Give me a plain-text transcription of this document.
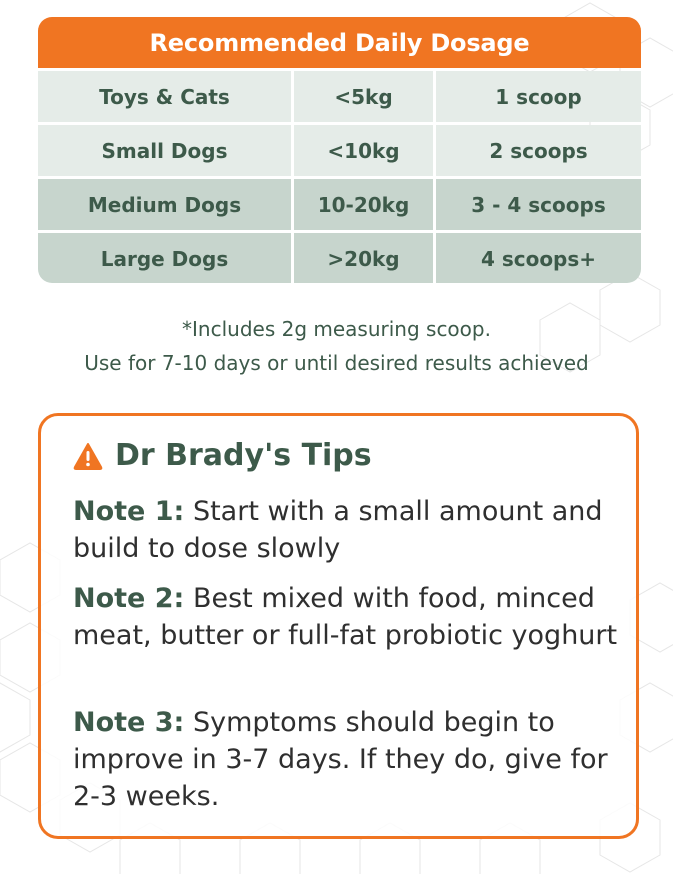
Recommended Daily Dosage
Toys & Cats	<5kg	1 scoop
Small Dogs	<10kg	2 scoops
Medium Dogs	10-20kg	3 - 4 scoops
Large Dogs	>20kg	4 scoops+
*Includes 2g measuring scoop.
Use for 7-10 days or until desired results achieved
Dr Brady's Tips
Note 1: Start with a small amount and build to dose slowly
Note 2: Best mixed with food, minced meat, butter or full-fat probiotic yoghurt
Note 3: Symptoms should begin to improve in 3-7 days. If they do, give for 2-3 weeks.
